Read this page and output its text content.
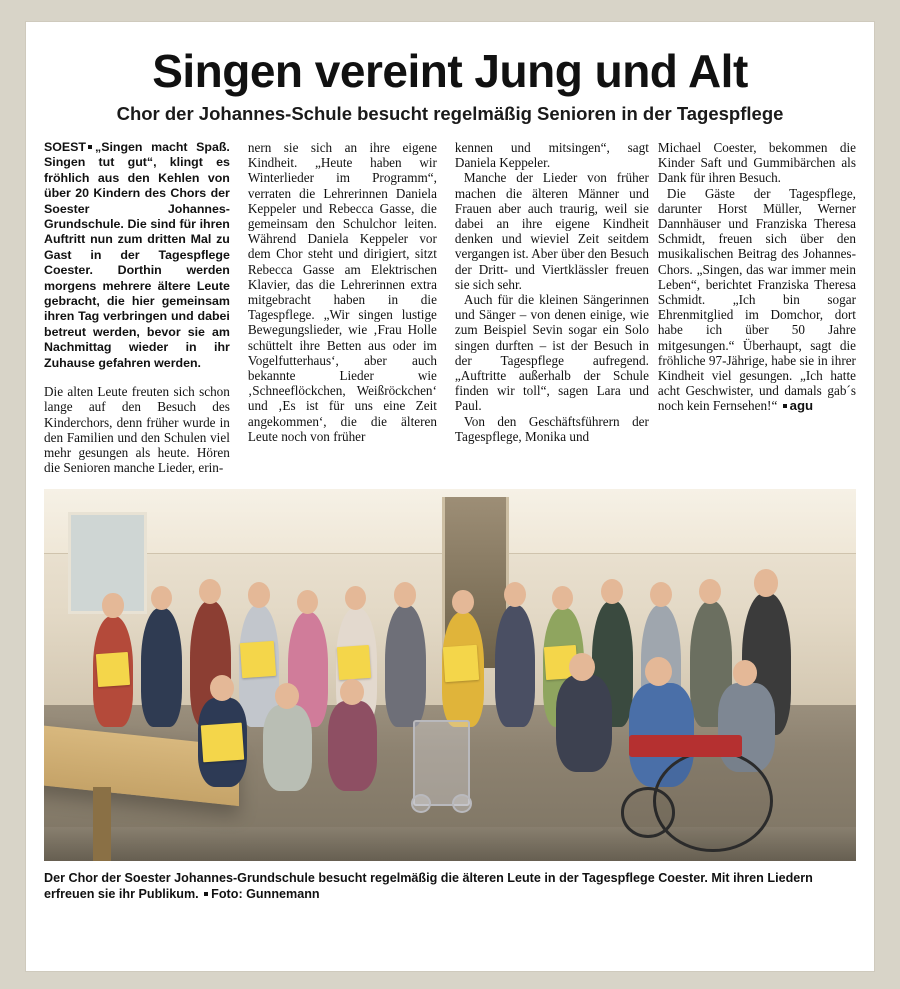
Singen vereint Jung und Alt
Chor der Johannes-Schule besucht regelmäßig Senioren in der Tagespflege

SOEST „Singen macht Spaß. Singen tut gut“, klingt es fröhlich aus den Kehlen von über 20 Kindern des Chors der Soester Johannes-Grundschule. Die sind für ihren Auftritt nun zum dritten Mal zu Gast in der Tagespflege Coester. Dorthin werden morgens mehrere ältere Leute gebracht, die hier gemeinsam ihren Tag verbringen und dabei betreut werden, bevor sie am Nachmittag wieder in ihr Zuhause gefahren werden.

Die alten Leute freuten sich schon lange auf den Besuch des Kinderchors, denn früher wurde in den Familien und den Schulen viel mehr gesungen als heute. Hören die Senioren manche Lieder, erin-

nern sie sich an ihre eigene Kindheit. „Heute haben wir Winterlieder im Programm“, verraten die Lehrerinnen Daniela Keppeler und Rebecca Gasse, die gemeinsam den Schulchor leiten. Während Daniela Keppeler vor dem Chor steht und dirigiert, sitzt Rebecca Gasse am Elektrischen Klavier, das die Lehrerinnen extra mitgebracht haben in die Tagespflege. „Wir singen lustige Bewegungslieder, wie ‚Frau Holle schüttelt ihre Betten aus oder im Vogelfutterhaus‘, aber auch bekannte Lieder wie ‚Schneeflöckchen, Weißröckchen‘ und ‚Es ist für uns eine Zeit angekommen‘, die die älteren Leute noch von früher

kennen und mitsingen“, sagt Daniela Keppeler.

Manche der Lieder von früher machen die älteren Männer und Frauen aber auch traurig, weil sie dabei an ihre eigene Kindheit denken und wieviel Zeit seitdem vergangen ist. Aber über den Besuch der Dritt- und Viertklässler freuen sie sich sehr.

Auch für die kleinen Sängerinnen und Sänger – von denen einige, wie zum Beispiel Sevin sogar ein Solo singen durften – ist der Besuch in der Tagespflege aufregend. „Auftritte außerhalb der Schule finden wir toll“, sagen Lara und Paul.

Von den Geschäftsführern der Tagespflege, Monika und

Michael Coester, bekommen die Kinder Saft und Gummibärchen als Dank für ihren Besuch.

Die Gäste der Tagespflege, darunter Horst Müller, Werner Dannhäuser und Franziska Theresa Schmidt, freuen sich über den musikalischen Beitrag des Johannes-Chors. „Singen, das war immer mein Leben“, berichtet Franziska Theresa Schmidt. „Ich bin sogar Ehrenmitglied im Domchor, dort habe ich über 50 Jahre mitgesungen.“ Überhaupt, sagt die fröhliche 97-Jährige, habe sie in ihrer Kindheit viel gesungen. „Ich hatte acht Geschwister, und damals gab´s noch kein Fernsehen!“ agu

Der Chor der Soester Johannes-Grundschule besucht regelmäßig die älteren Leute in der Tagespflege Coester. Mit ihren Liedern erfreuen sie ihr Publikum. Foto: Gunnemann
